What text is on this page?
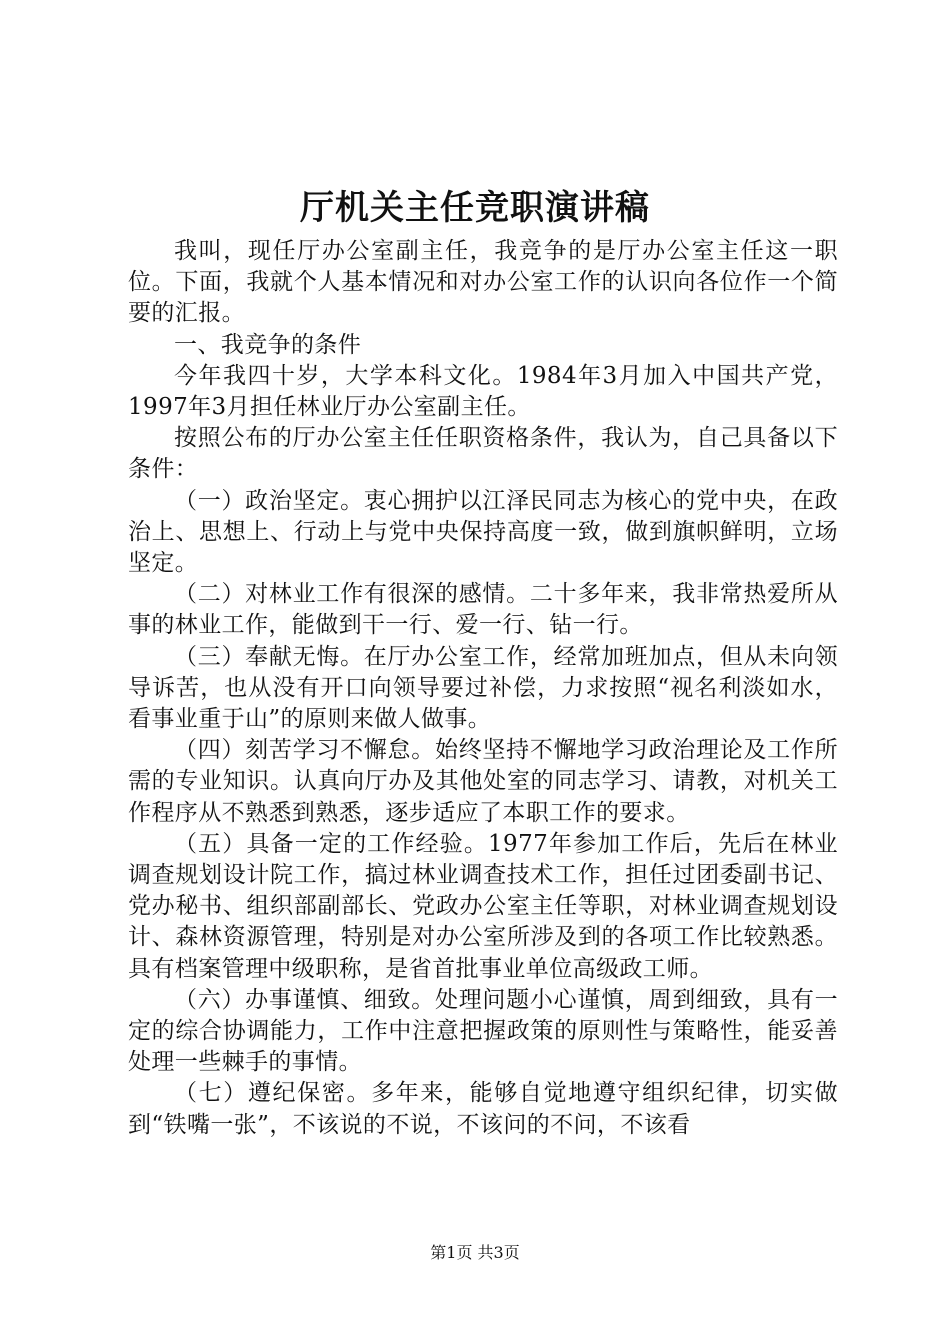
厅机关主任竞职演讲稿

我叫，现任厅办公室副主任，我竞争的是厅办公室主任这一职位。下面，我就个人基本情况和对办公室工作的认识向各位作一个简要的汇报。

一、我竞争的条件

今年我四十岁，大学本科文化。1984年3月加入中国共产党，1997年3月担任林业厅办公室副主任。

按照公布的厅办公室主任任职资格条件，我认为，自己具备以下条件：

（一）政治坚定。衷心拥护以江泽民同志为核心的党中央，在政治上、思想上、行动上与党中央保持高度一致，做到旗帜鲜明，立场坚定。

（二）对林业工作有很深的感情。二十多年来，我非常热爱所从事的林业工作，能做到干一行、爱一行、钻一行。

（三）奉献无悔。在厅办公室工作，经常加班加点，但从未向领导诉苦，也从没有开口向领导要过补偿，力求按照“视名利淡如水，看事业重于山”的原则来做人做事。

（四）刻苦学习不懈怠。始终坚持不懈地学习政治理论及工作所需的专业知识。认真向厅办及其他处室的同志学习、请教，对机关工作程序从不熟悉到熟悉，逐步适应了本职工作的要求。

（五）具备一定的工作经验。1977年参加工作后，先后在林业调查规划设计院工作，搞过林业调查技术工作，担任过团委副书记、党办秘书、组织部副部长、党政办公室主任等职，对林业调查规划设计、森林资源管理，特别是对办公室所涉及到的各项工作比较熟悉。具有档案管理中级职称，是省首批事业单位高级政工师。

（六）办事谨慎、细致。处理问题小心谨慎，周到细致，具有一定的综合协调能力，工作中注意把握政策的原则性与策略性，能妥善处理一些棘手的事情。

（七）遵纪保密。多年来，能够自觉地遵守组织纪律，切实做到“铁嘴一张”，不该说的不说，不该问的不问，不该看

第1页 共3页
